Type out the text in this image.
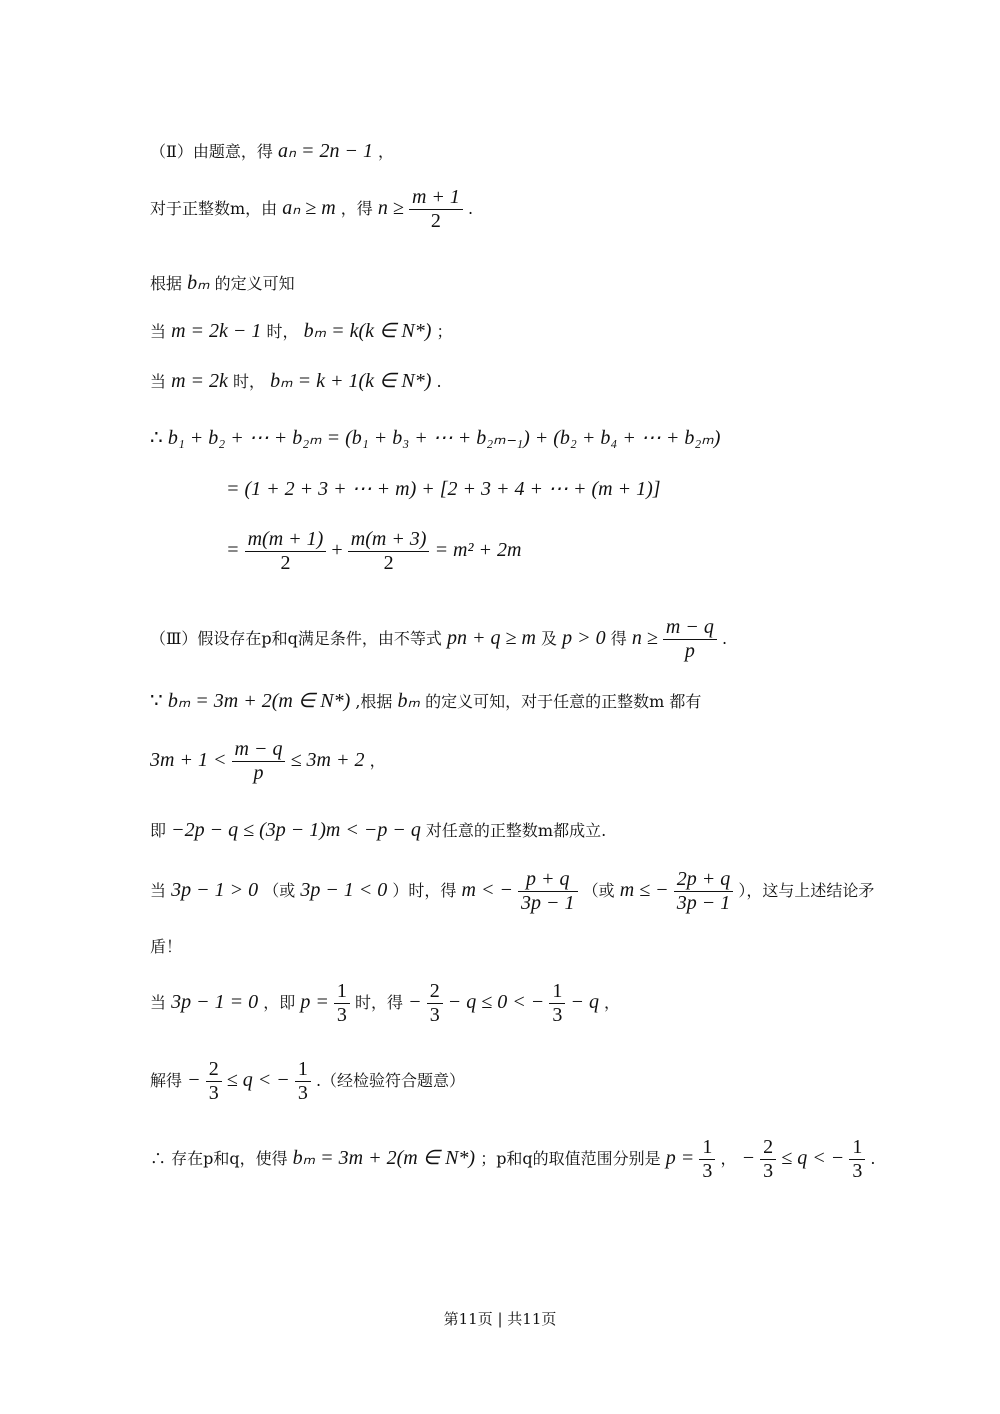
（Ⅱ）由题意，得 aₙ = 2n − 1 ，
对于正整数m，由 aₙ ≥ m ，得 $n \ge \frac{m + 1}{2}$ .
根据 bₘ 的定义可知
当 m = 2k − 1 时， bₘ = k(k ∈ N*) ；
当 m = 2k 时， bₘ = k + 1(k ∈ N*) .
∴ b₁ + b₂ + ⋯ + b₂ₘ = (b₁ + b₃ + ⋯ + b₂ₘ₋₁) + (b₂ + b₄ + ⋯ + b₂ₘ)
= (1 + 2 + 3 + ⋯ + m) + [2 + 3 + 4 + ⋯ + (m + 1)]
= $\frac{m(m + 1)}{2} + \frac{m(m + 3)}{2} = m^2 + 2m$
（Ⅲ）假设存在p和q满足条件，由不等式 pn + q ≥ m 及 p > 0 得 $n \ge \frac{m - q}{p}$ .
∵ bₘ = 3m + 2(m ∈ N*) ,根据 bₘ 的定义可知，对于任意的正整数m 都有
$3m + 1 < \frac{m - q}{p} \le 3m + 2$ ，
即 −2p − q ≤ (3p − 1)m < −p − q 对任意的正整数m都成立.
当 3p − 1 > 0 （或 3p − 1 < 0 ）时，得 m < − $\frac{p + q}{3p - 1}$ （或 m ≤ − $\frac{2p + q}{3p - 1}$ ），这与上述结论矛
盾！
当 3p − 1 = 0 ，即 $p = \frac{1}{3}$ 时，得 − $\frac{2}{3} - q \le 0$ < − $\frac{1}{3} - q$ ，
解得 − $\frac{2}{3} \le q$ < − $\frac{1}{3}$ .（经检验符合题意）
∴ 存在p和q，使得 bₘ = 3m + 2(m ∈ N*) ；p和q的取值范围分别是 $p = \frac{1}{3}$ ， − $\frac{2}{3} \le q$ < − $\frac{1}{3}$ .
第11页 | 共11页
